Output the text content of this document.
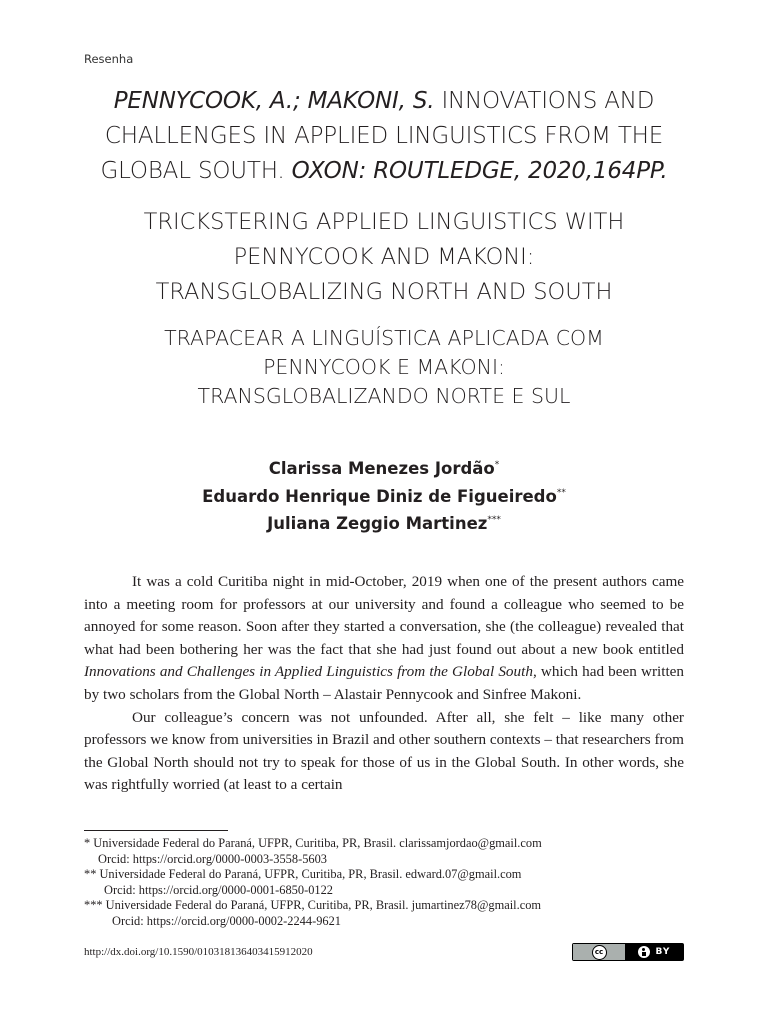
Resenha

PENNYCOOK, A.; MAKONI, S. INNOVATIONS AND
CHALLENGES IN APPLIED LINGUISTICS FROM THE
GLOBAL SOUTH. OXON: ROUTLEDGE, 2020,164PP.

TRICKSTERING APPLIED LINGUISTICS WITH
PENNYCOOK AND MAKONI:
TRANSGLOBALIZING NORTH AND SOUTH

TRAPACEAR A LINGUÍSTICA APLICADA COM
PENNYCOOK E MAKONI:
TRANSGLOBALIZANDO NORTE E SUL

Clarissa Menezes Jordão*
Eduardo Henrique Diniz de Figueiredo**
Juliana Zeggio Martinez***

It was a cold Curitiba night in mid-October, 2019 when one of the present authors came into a meeting room for professors at our university and found a colleague who seemed to be annoyed for some reason. Soon after they started a conversation, she (the colleague) revealed that what had been bothering her was the fact that she had just found out about a new book entitled Innovations and Challenges in Applied Linguistics from the Global South, which had been written by two scholars from the Global North – Alastair Pennycook and Sinfree Makoni.

Our colleague’s concern was not unfounded. After all, she felt – like many other professors we know from universities in Brazil and other southern contexts – that researchers from the Global North should not try to speak for those of us in the Global South. In other words, she was rightfully worried (at least to a certain

* Universidade Federal do Paraná, UFPR, Curitiba, PR, Brasil. clarissamjordao@gmail.com
Orcid: https://orcid.org/0000-0003-3558-5603
** Universidade Federal do Paraná, UFPR, Curitiba, PR, Brasil. edward.07@gmail.com
Orcid: https://orcid.org/0000-0001-6850-0122
*** Universidade Federal do Paraná, UFPR, Curitiba, PR, Brasil. jumartinez78@gmail.com
Orcid: https://orcid.org/0000-0002-2244-9621
http://dx.doi.org/10.1590/010318136403415912020	cc	BY
